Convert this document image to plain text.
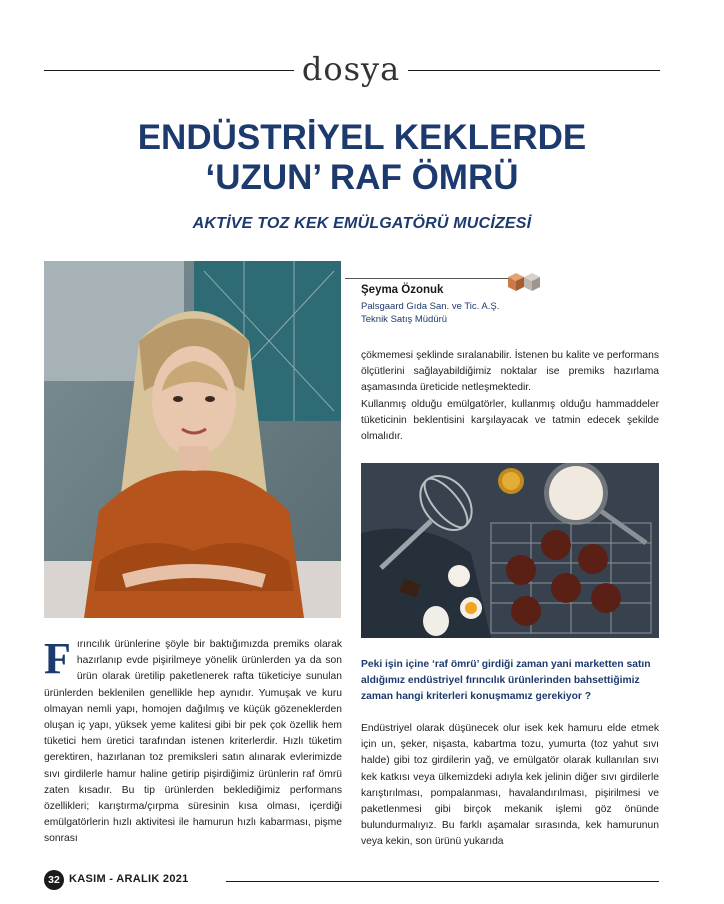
dosya
ENDÜSTRİYEL KEKLERDE
‘UZUN’ RAF ÖMRÜ
AKTİVE TOZ KEK EMÜLGATÖRÜ MUCİZESİ
Şeyma Özonuk
Palsgaard Gıda San. ve Tic. A.Ş.
Teknik Satış Müdürü

çökmemesi şeklinde sıralanabilir. İstenen bu kalite ve performans ölçütlerini sağlayabildiğimiz noktalar ise premiks hazırlama aşamasında üreticide netleşmektedir.

Kullanmış olduğu emülgatörler, kullanmış olduğu hammaddeler tüketicinin beklentisini karşılayacak ve tatmin edecek şekilde olmalıdır.

F ırıncılık ürünlerine şöyle bir baktığımızda premiks olarak hazırlanıp evde pişirilmeye yönelik ürünlerden ya da son ürün olarak üretilip paketlenerek rafta tüketiciye sunulan ürünlerden beklenilen genellikle hep aynıdır. Yumuşak ve kuru olmayan nemli yapı, homojen dağılmış ve küçük gözeneklerden oluşan iç yapı, yüksek yeme kalitesi gibi bir pek çok özellik hem tüketici hem üretici tarafından istenen kriterlerdir. Hızlı tüketim gerektiren, hazırlanan toz premiksleri satın alınarak evlerimizde sıvı girdilerle hamur haline getirip pişirdiğimiz ürünlerin raf ömrü zaten kısadır. Bu tip ürünlerden beklediğimiz performans özellikleri; karıştırma/çırpma süresinin kısa olması, içerdiği emülgatörlerin hızlı aktivitesi ile hamurun hızlı kabarması, pişme sonrası

Peki işin içine ‘raf ömrü’ girdiği zaman yani marketten satın aldığımız endüstriyel fırıncılık ürünlerinden bahsettiğimiz zaman hangi kriterleri konuşmamız gerekiyor ?

Endüstriyel olarak düşünecek olur isek kek hamuru elde etmek için un, şeker, nişasta, kabartma tozu, yumurta (toz yahut sıvı halde) gibi toz girdilerin yağ, ve emülgatör olarak kullanılan sıvı kek katkısı veya ülkemizdeki adıyla kek jelinin diğer sıvı girdilerle karıştırılması, pompalanması, havalandırılması, pişirilmesi ve paketlenmesi gibi birçok mekanik işlemi göz önünde bulundurmalıyız. Bu farklı aşamalar sırasında, kek hamurunun veya kekin, son ürünü yukarıda

32 KASIM - ARALIK 2021
